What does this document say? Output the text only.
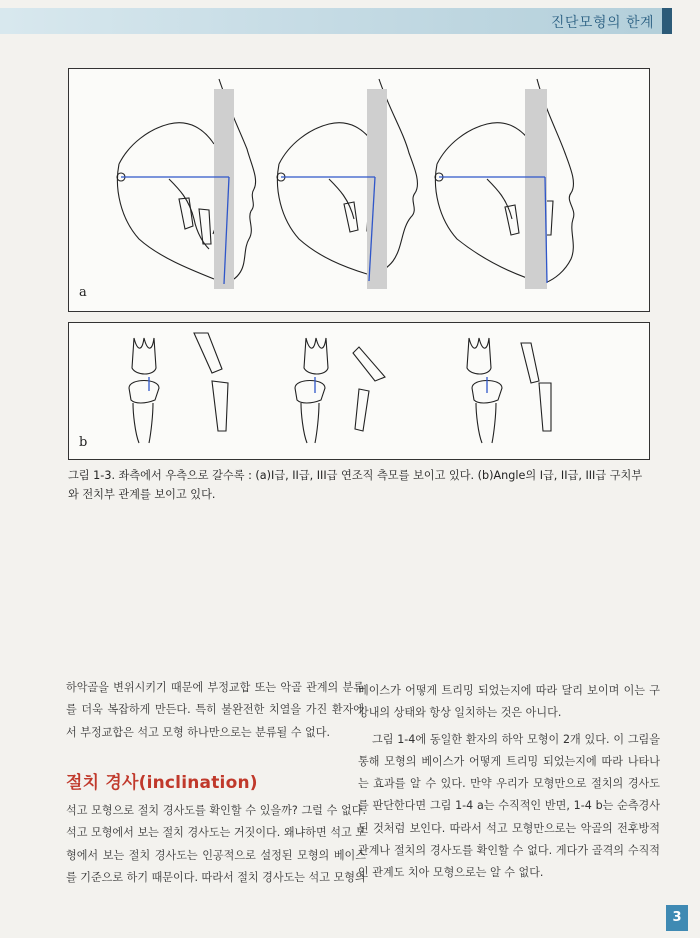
진단모형의 한계
a
b
그림 1-3. 좌측에서 우측으로 갈수록 : (a)I급, II급, III급 연조직 측모를 보이고 있다. (b)Angle의 I급, II급, III급 구치부
와 전치부 관계를 보이고 있다.

하악골을 변위시키기 때문에 부정교합 또는 악골 관계의 분류를 더욱 복잡하게 만든다. 특히 불완전한 치열을 가진 환자에서 부정교합은 석고 모형 하나만으로는 분류될 수 없다.

절치 경사(inclination)

석고 모형으로 절치 경사도를 확인할 수 있을까? 그럴 수 없다. 석고 모형에서 보는 절치 경사도는 거짓이다. 왜냐하면 석고 모형에서 보는 절치 경사도는 인공적으로 설정된 모형의 베이스를 기준으로 하기 때문이다. 따라서 절치 경사도는 석고 모형의

베이스가 어떻게 트리밍 되었는지에 따라 달리 보이며 이는 구강내의 상태와 항상 일치하는 것은 아니다.

그림 1-4에 동일한 환자의 하악 모형이 2개 있다. 이 그림을 통해 모형의 베이스가 어떻게 트리밍 되었는지에 따라 나타나는 효과를 알 수 있다. 만약 우리가 모형만으로 절치의 경사도를 판단한다면 그림 1-4 a는 수직적인 반면, 1-4 b는 순측경사된 것처럼 보인다. 따라서 석고 모형만으로는 악골의 전후방적 관계나 절치의 경사도를 확인할 수 없다. 게다가 골격의 수직적인 관계도 치아 모형으로는 알 수 없다.

3
